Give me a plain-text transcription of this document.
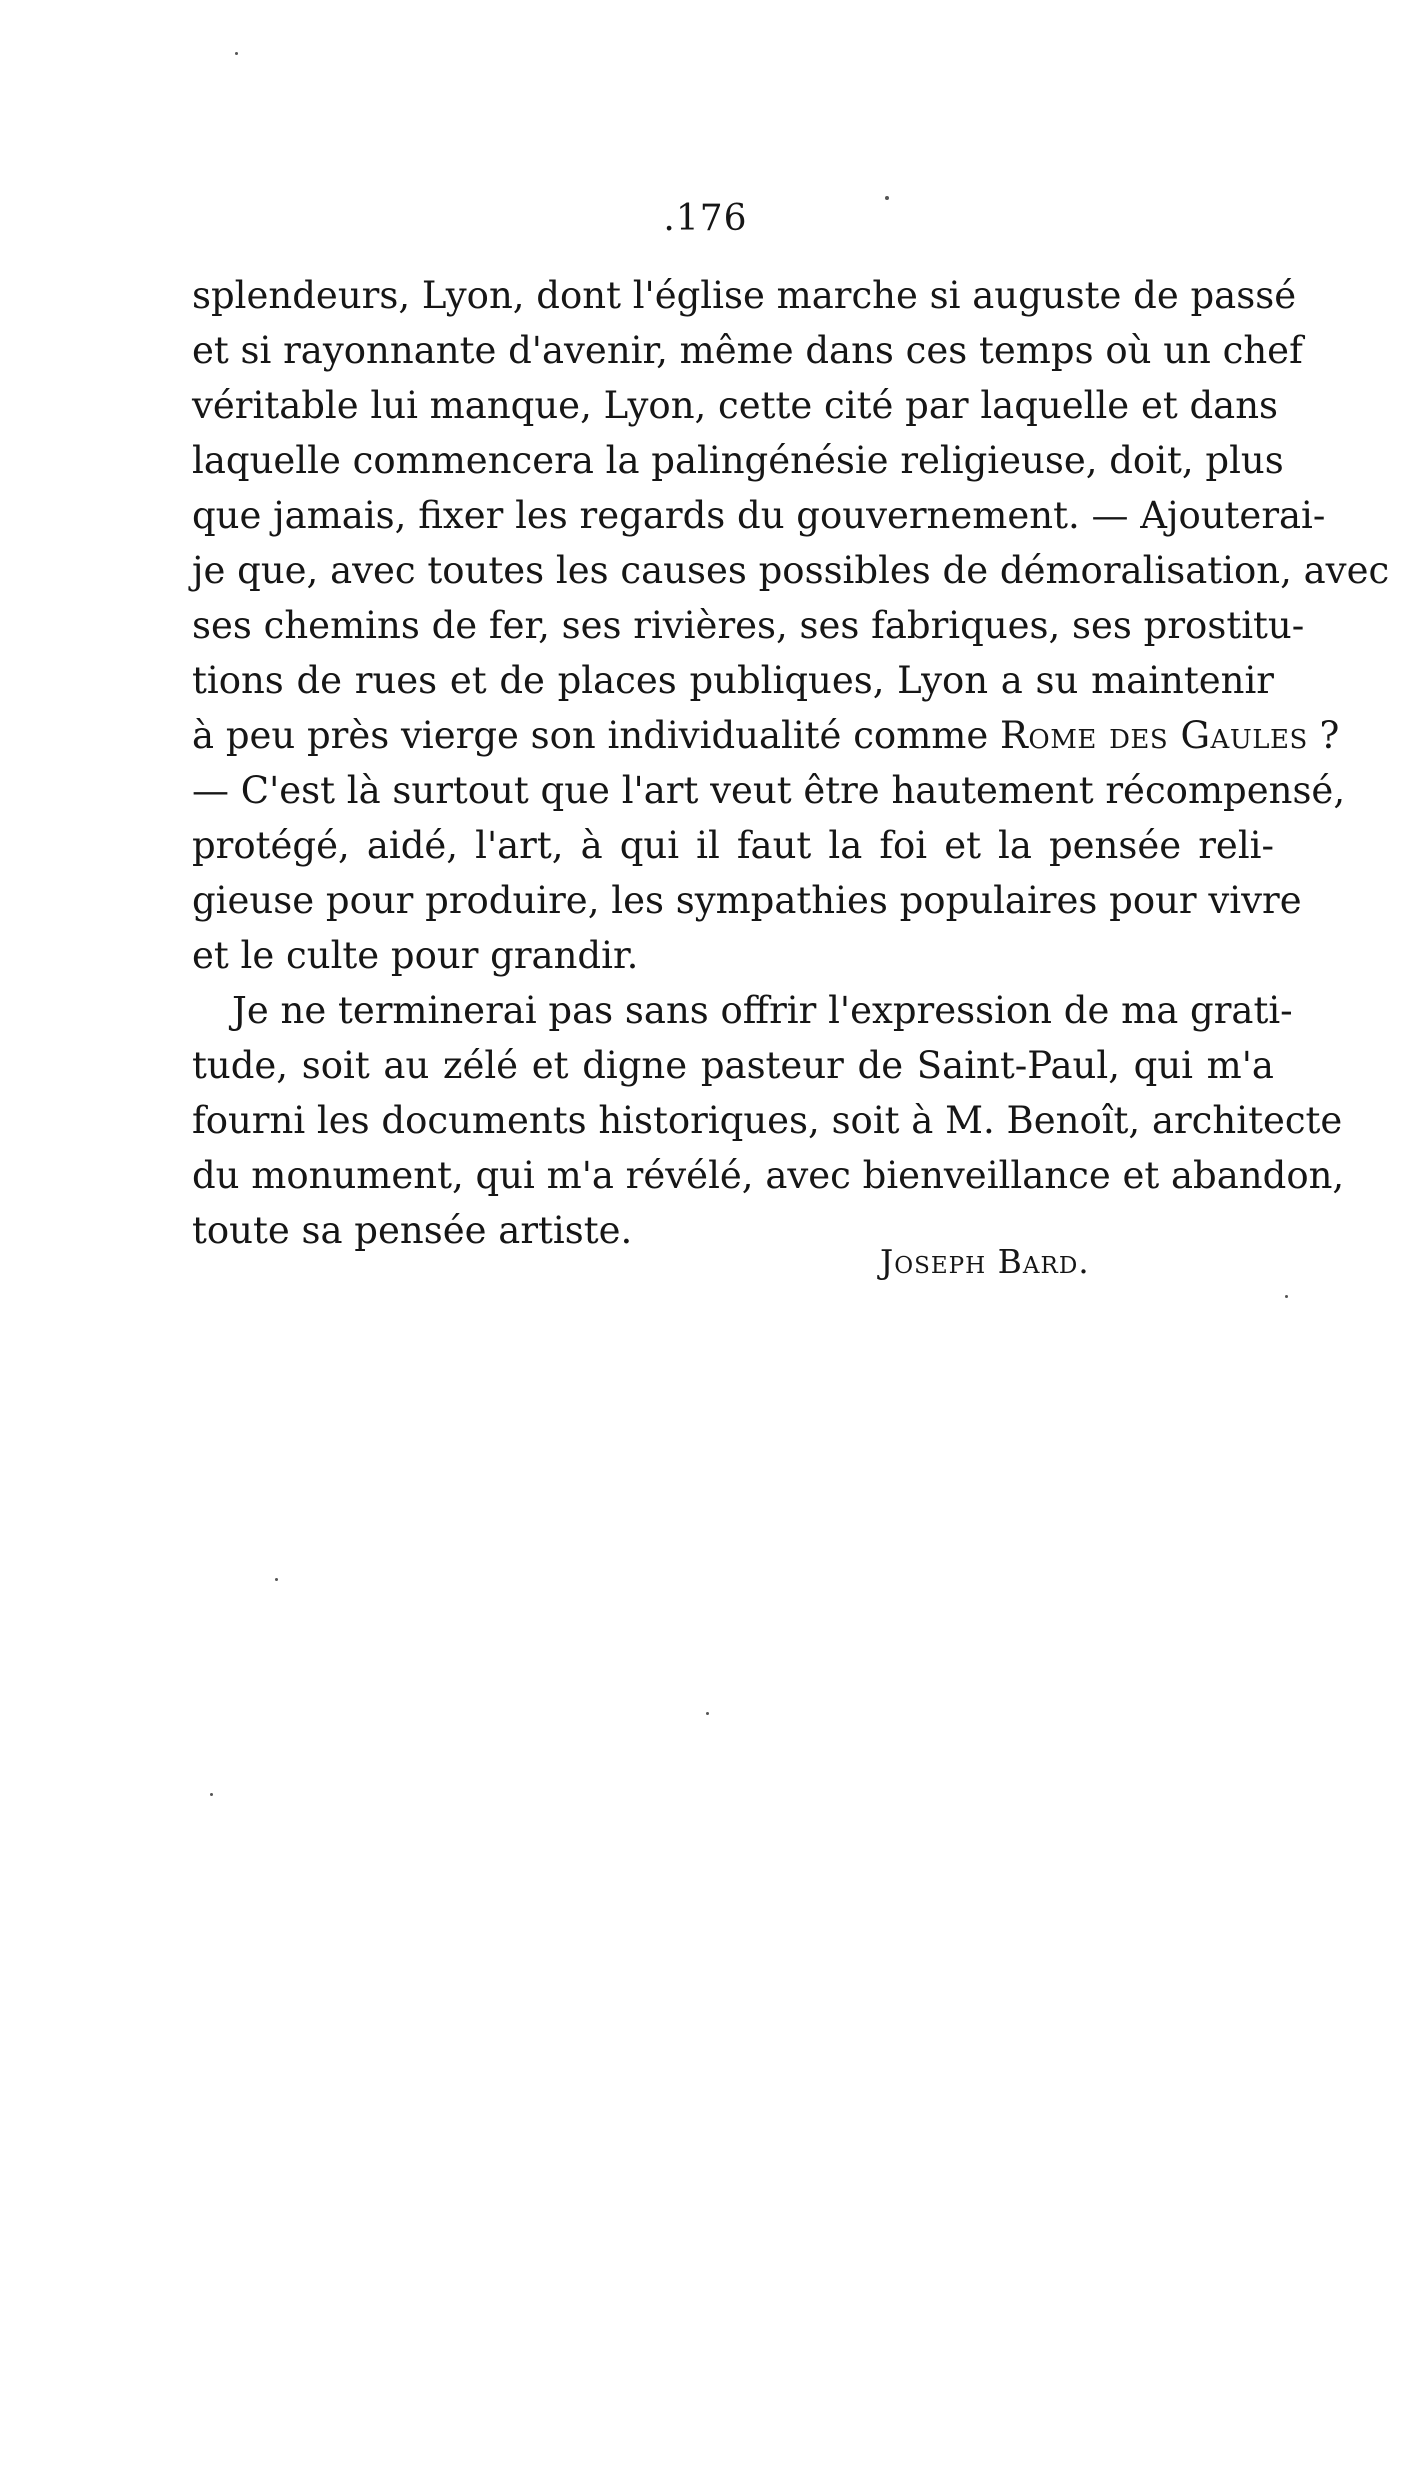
.176
splendeurs, Lyon, dont l'église marche si auguste de passé
et si rayonnante d'avenir, même dans ces temps où un chef
véritable lui manque, Lyon, cette cité par laquelle et dans
laquelle commencera la palingénésie religieuse, doit, plus
que jamais, fixer les regards du gouvernement. — Ajouterai-
je que, avec toutes les causes possibles de démoralisation, avec
ses chemins de fer, ses rivières, ses fabriques, ses prostitu-
tions de rues et de places publiques, Lyon a su maintenir
à peu près vierge son individualité comme Rome des Gaules ?
— C'est là surtout que l'art veut être hautement récompensé,
protégé, aidé, l'art, à qui il faut la foi et la pensée reli-
gieuse pour produire, les sympathies populaires pour vivre
et le culte pour grandir.
Je ne terminerai pas sans offrir l'expression de ma grati-
tude, soit au zélé et digne pasteur de Saint-Paul, qui m'a
fourni les documents historiques, soit à M. Benoît, architecte
du monument, qui m'a révélé, avec bienveillance et abandon,
toute sa pensée artiste.
Joseph Bard.
